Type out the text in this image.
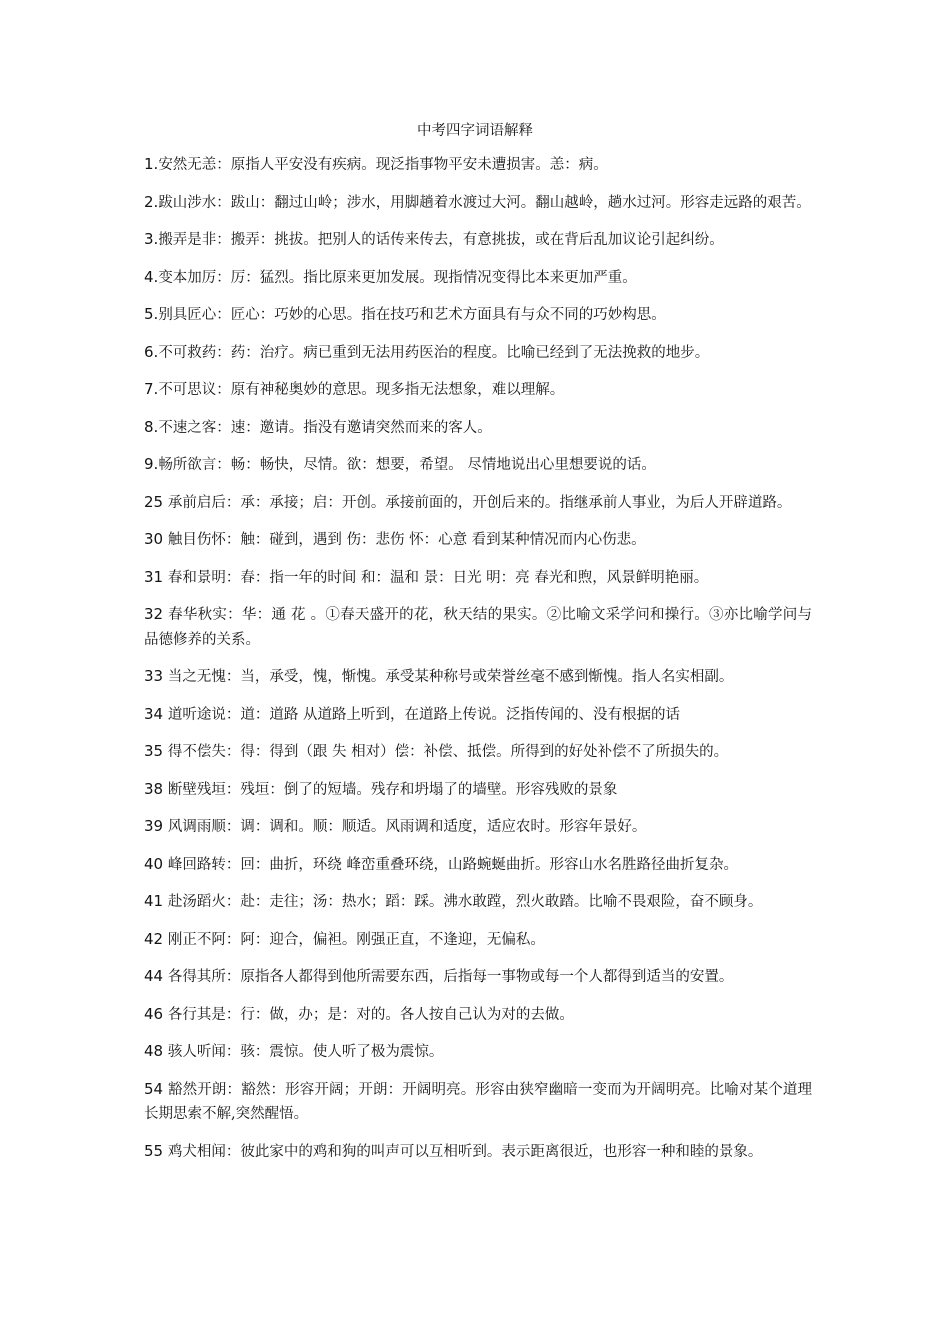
中考四字词语解释

1.安然无恙：原指人平安没有疾病。现泛指事物平安未遭损害。恙：病。

2.跋山涉水：跋山：翻过山岭；涉水，用脚趟着水渡过大河。翻山越岭，趟水过河。形容走远路的艰苦。

3.搬弄是非：搬弄：挑拔。把别人的话传来传去，有意挑拔，或在背后乱加议论引起纠纷。

4.变本加厉：厉：猛烈。指比原来更加发展。现指情况变得比本来更加严重。

5.别具匠心：匠心：巧妙的心思。指在技巧和艺术方面具有与众不同的巧妙构思。

6.不可救药：药：治疗。病已重到无法用药医治的程度。比喻已经到了无法挽救的地步。

7.不可思议：原有神秘奥妙的意思。现多指无法想象，难以理解。

8.不速之客：速：邀请。指没有邀请突然而来的客人。

9.畅所欲言：畅：畅快，尽情。欲：想要，希望。 尽情地说出心里想要说的话。

25 承前启后：承：承接；启：开创。承接前面的，开创后来的。指继承前人事业，为后人开辟道路。

30 触目伤怀：触：碰到，遇到 伤：悲伤 怀：心意 看到某种情况而内心伤悲。

31 春和景明：春：指一年的时间 和：温和 景：日光 明：亮 春光和煦，风景鲜明艳丽。

32 春华秋实：华：通 花 。①春天盛开的花，秋天结的果实。②比喻文采学问和操行。③亦比喻学问与品德修养的关系。

33 当之无愧：当，承受，愧，惭愧。承受某种称号或荣誉丝毫不感到惭愧。指人名实相副。

34 道听途说：道：道路 从道路上听到，在道路上传说。泛指传闻的、没有根据的话

35 得不偿失：得：得到（跟 失 相对）偿：补偿、抵偿。所得到的好处补偿不了所损失的。

38 断壁残垣：残垣：倒了的短墙。残存和坍塌了的墙壁。形容残败的景象

39 风调雨顺：调：调和。顺：顺适。风雨调和适度，适应农时。形容年景好。

40 峰回路转：回：曲折，环绕 峰峦重叠环绕，山路蜿蜒曲折。形容山水名胜路径曲折复杂。

41 赴汤蹈火：赴：走往；汤：热水；蹈：踩。沸水敢蹚，烈火敢踏。比喻不畏艰险，奋不顾身。

42 刚正不阿：阿：迎合，偏袒。刚强正直，不逢迎，无偏私。

44 各得其所：原指各人都得到他所需要东西，后指每一事物或每一个人都得到适当的安置。

46 各行其是：行：做，办；是：对的。各人按自己认为对的去做。

48 骇人听闻：骇：震惊。使人听了极为震惊。

54 豁然开朗：豁然：形容开阔；开朗：开阔明亮。形容由狭窄幽暗一变而为开阔明亮。比喻对某个道理长期思索不解,突然醒悟。

55 鸡犬相闻：彼此家中的鸡和狗的叫声可以互相听到。表示距离很近，也形容一种和睦的景象。
